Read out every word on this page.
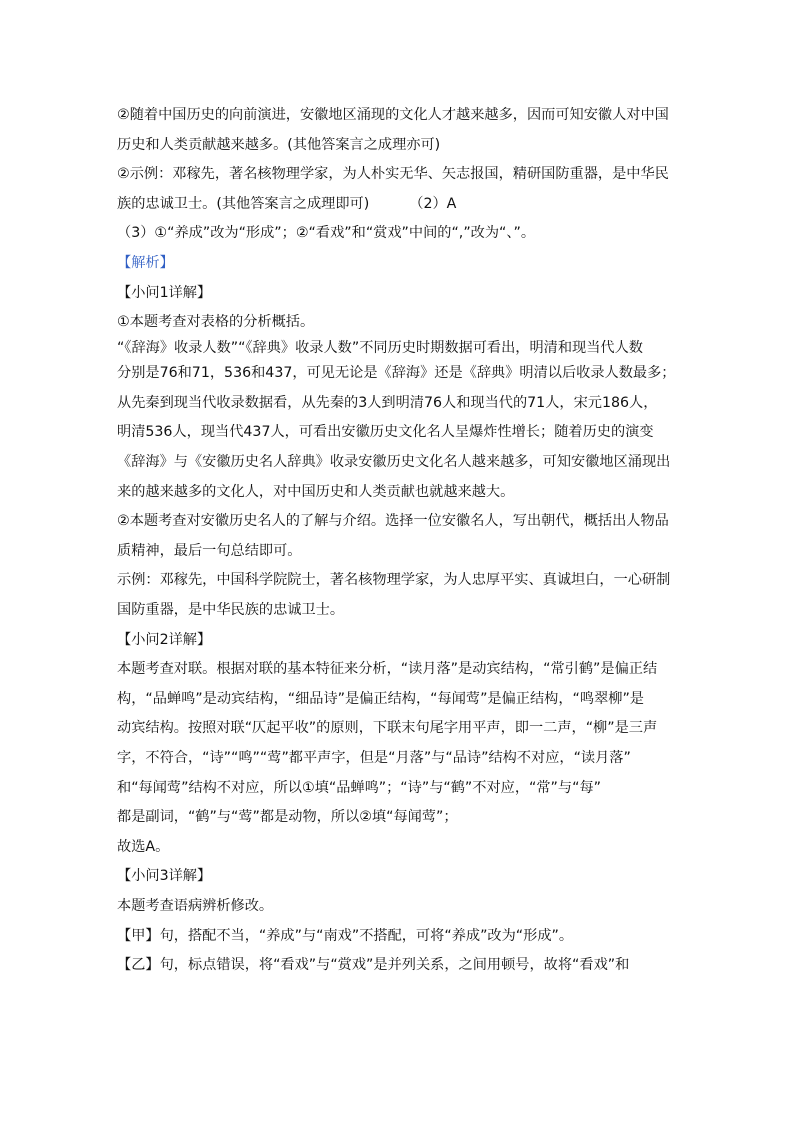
②随着中国历史的向前演进，安徽地区涌现的文化人才越来越多，因而可知安徽人对中国
历史和人类贡献越来越多。(其他答案言之成理亦可)
②示例：邓稼先，著名核物理学家，为人朴实无华、矢志报国，精研国防重器，是中华民
族的忠诚卫士。(其他答案言之成理即可)	（2）A
（3）①“养成”改为“形成”；②“看戏”和“赏戏”中间的“,”改为“、”。
【解析】
【小问1详解】
①本题考查对表格的分析概括。
“《辞海》收录人数”“《辞典》收录人数”不同历史时期数据可看出，明清和现当代人数
分别是76和71，536和437，可见无论是《辞海》还是《辞典》明清以后收录人数最多；
从先秦到现当代收录数据看，从先秦的3人到明清76人和现当代的71人，宋元186人，
明清536人，现当代437人，可看出安徽历史文化名人呈爆炸性增长；随着历史的演变
《辞海》与《安徽历史名人辞典》收录安徽历史文化名人越来越多，可知安徽地区涌现出
来的越来越多的文化人，对中国历史和人类贡献也就越来越大。
②本题考查对安徽历史名人的了解与介绍。选择一位安徽名人，写出朝代，概括出人物品
质精神，最后一句总结即可。
示例：邓稼先，中国科学院院士，著名核物理学家，为人忠厚平实、真诚坦白，一心研制
国防重器，是中华民族的忠诚卫士。
【小问2详解】
本题考查对联。根据对联的基本特征来分析，“读月落”是动宾结构，“常引鹤”是偏正结
构，“品蝉鸣”是动宾结构，“细品诗”是偏正结构，“每闻莺”是偏正结构，“鸣翠柳”是
动宾结构。按照对联“仄起平收”的原则，下联末句尾字用平声，即一二声，“柳”是三声
字，不符合，“诗”“鸣”“莺”都平声字，但是“月落”与“品诗”结构不对应，“读月落”
和“每闻莺”结构不对应，所以①填“品蝉鸣”；“诗”与“鹤”不对应，“常”与“每”
都是副词，“鹤”与“莺”都是动物，所以②填“每闻莺”；
故选A。
【小问3详解】
本题考查语病辨析修改。
【甲】句，搭配不当，“养成”与“南戏”不搭配，可将“养成”改为“形成”。
【乙】句，标点错误，将“看戏”与“赏戏”是并列关系，之间用顿号，故将“看戏”和
